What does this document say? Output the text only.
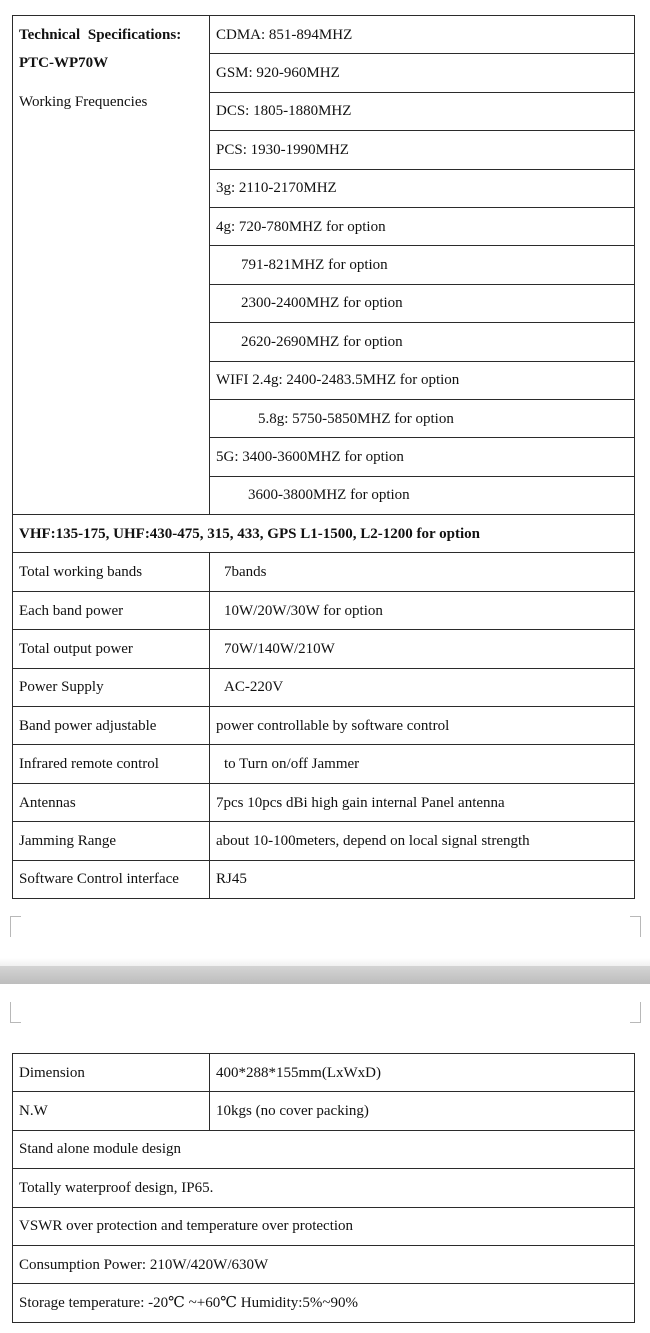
Technical Specifications:
PTC-WP70W
Working Frequencies	CDMA: 851-894MHZ
	GSM: 920-960MHZ
	DCS: 1805-1880MHZ
	PCS: 1930-1990MHZ
	3g: 2110-2170MHZ
	4g: 720-780MHZ for option
	791-821MHZ for option
	2300-2400MHZ for option
	2620-2690MHZ for option
	WIFI 2.4g: 2400-2483.5MHZ for option
	5.8g: 5750-5850MHZ for option
	5G: 3400-3600MHZ for option
	3600-3800MHZ for option
VHF:135-175, UHF:430-475, 315, 433, GPS L1-1500, L2-1200 for option	
Total working bands	7bands
Each band power	10W/20W/30W for option
Total output power	70W/140W/210W
Power Supply	AC-220V
Band power adjustable	power controllable by software control
Infrared remote control	to Turn on/off Jammer
Antennas	7pcs 10pcs dBi high gain internal Panel antenna
Jamming Range	about 10-100meters, depend on local signal strength
Software Control interface	RJ45
Dimension	400*288*155mm(LxWxD)
N.W	10kgs (no cover packing)
Stand alone module design	
Totally waterproof design, IP65.	
VSWR over protection and temperature over protection	
Consumption Power: 210W/420W/630W	
Storage temperature: -20℃ ~+60℃ Humidity:5%~90%	
